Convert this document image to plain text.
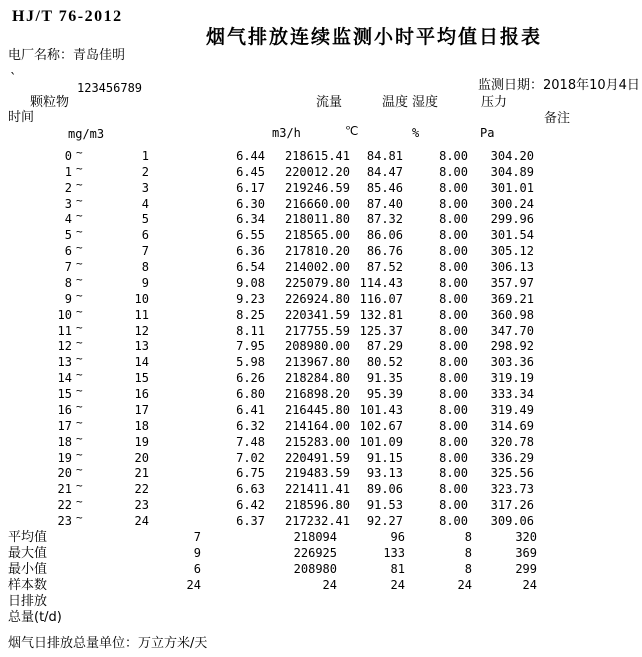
HJ/T 76-2012
烟气排放连续监测小时平均值日报表
电厂名称：青岛佳明
`
123456789	监测日期：2018年10月4日
时间
颗粒物	流量	温度 湿度	压力
备注
mg/m3	m3/h	℃	%	Pa
0 ~	1	6.44 218615.41 84.81	8.00 304.20
1 ~	2	6.45 220012.20 84.47	8.00 304.89
2 ~	3	6.17 219246.59 85.46	8.00 301.01
3 ~	4	6.30 216660.00 87.40	8.00 300.24
4 ~	5	6.34 218011.80 87.32	8.00 299.96
5 ~	6	6.55 218565.00 86.06	8.00 301.54
6 ~	7	6.36 217810.20 86.76	8.00 305.12
7 ~	8	6.54 214002.00 87.52	8.00 306.13
8 ~	9	9.08 225079.80 114.43	8.00 357.97
9 ~	10	9.23 226924.80 116.07	8.00 369.21
10 ~	11	8.25 220341.59 132.81	8.00 360.98
11 ~	12	8.11 217755.59 125.37	8.00 347.70
12 ~	13	7.95 208980.00 87.29	8.00 298.92
13 ~	14	5.98 213967.80 80.52	8.00 303.36
14 ~	15	6.26 218284.80 91.35	8.00 319.19
15 ~	16	6.80 216898.20 95.39	8.00 333.34
16 ~	17	6.41 216445.80 101.43	8.00 319.49
17 ~	18	6.32 214164.00 102.67	8.00 314.69
18 ~	19	7.48 215283.00 101.09	8.00 320.78
19 ~	20	7.02 220491.59 91.15	8.00 336.29
20 ~	21	6.75 219483.59 93.13	8.00 325.56
21 ~	22	6.63 221411.41 89.06	8.00 323.73
22 ~	23	6.42 218596.80 91.53	8.00 317.26
23 ~	24	6.37 217232.41 92.27	8.00 309.06
平均值	7	218094	96	8	320
最大值	9	226925	133	8	369
最小值	6	208980	81	8	299
样本数	24	24	24	24	24
日排放
总量(t/d)
烟气日排放总量单位：万立方米/天
